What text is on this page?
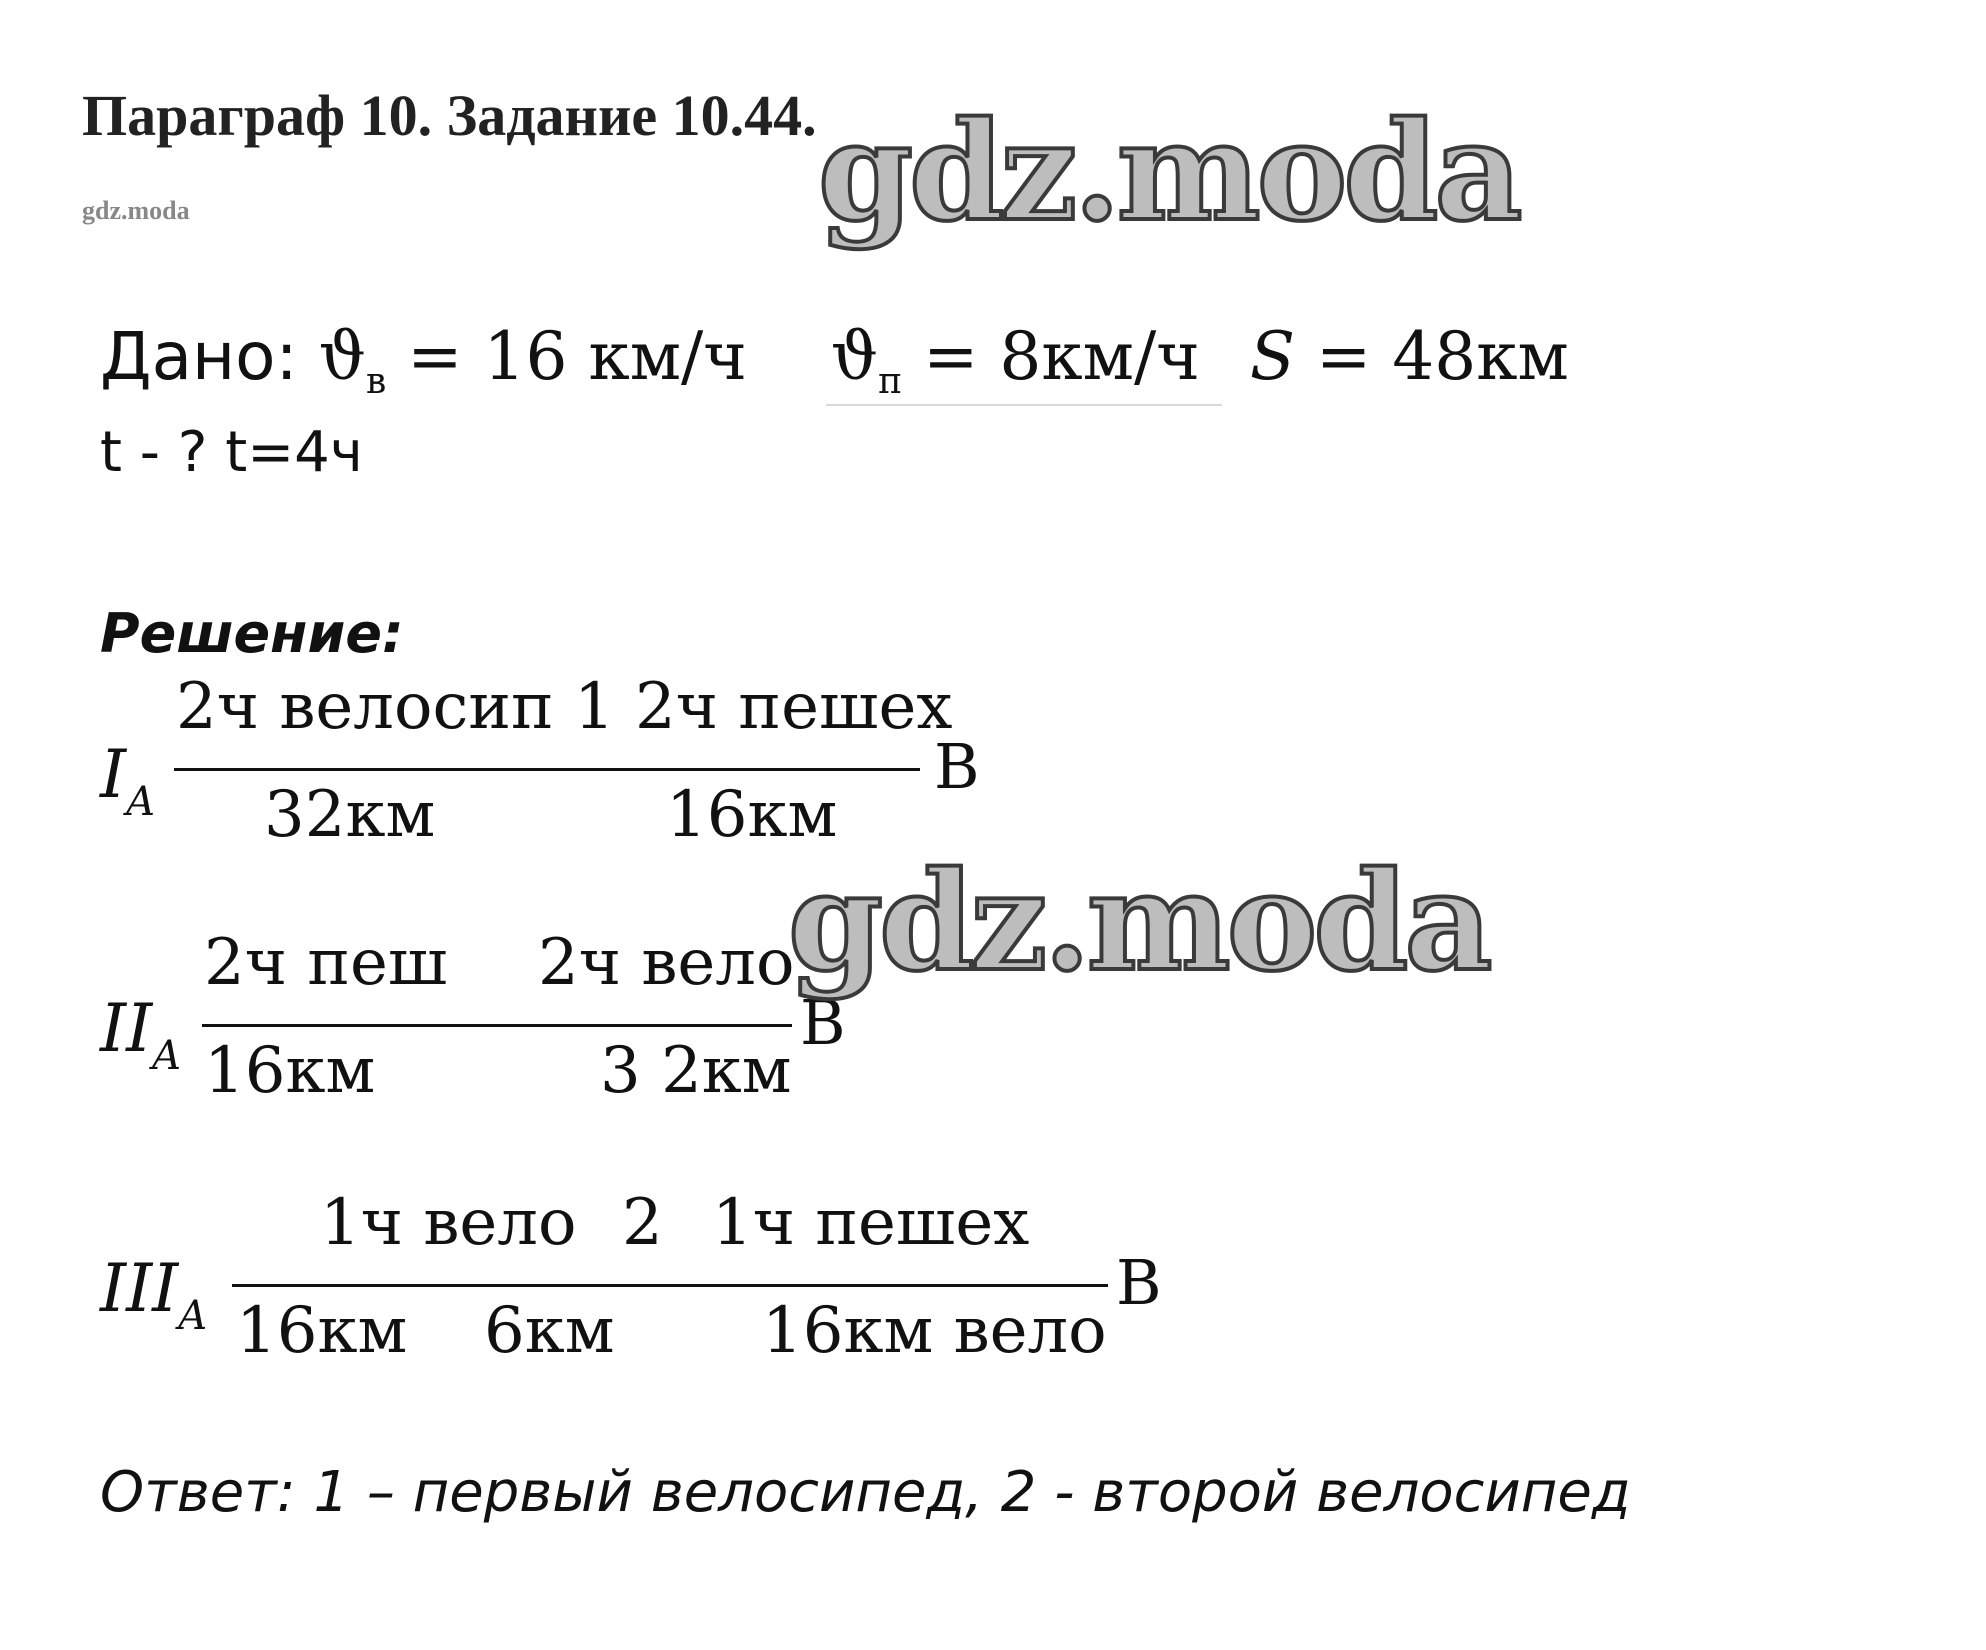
Параграф 10. Задание 10.44.
gdz.moda	gdz.moda
Дано: $ϑ_в = 16$ км/ч $ϑ_п = 8км/ч$ S = 48км
t - ? t=4ч
Решение:
$I_A$
2ч велосип 1 2ч пешех
32км	16км
B
$II_A$
2ч пеш 2ч вело
16км	3 2км
B
$III_A$
1ч вело 2 1ч пешех
16км 6км 16км вело
B
gdz.moda
Ответ: 1 – первый велосипед, 2 - второй велосипед
